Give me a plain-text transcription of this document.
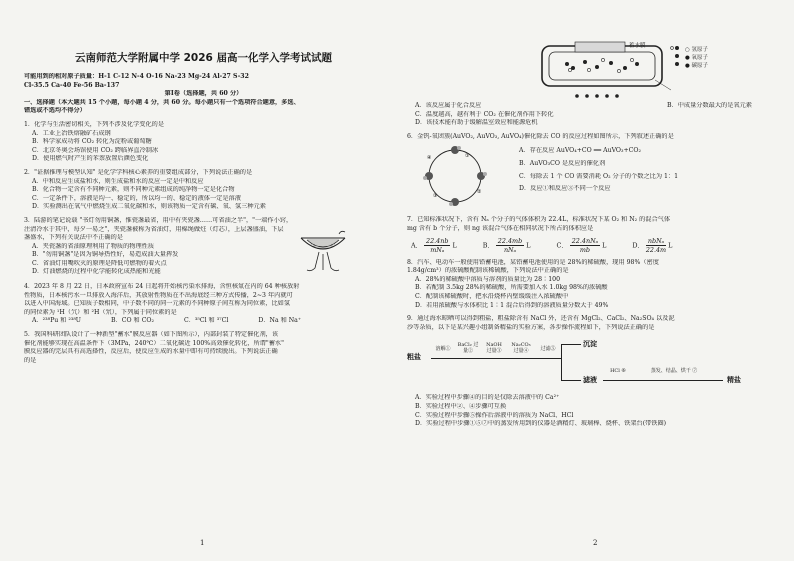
云南师范大学附属中学 2026 届高一化学入学考试试题
可能用到的相对原子质量：H-1 C-12 N-4 O-16 Na-23 Mg-24 Al-27 S-32
Cl-35.5 Ca-40 Fe-56 Ba-137
第Ⅰ卷（选择题，共 60 分）
一、选择题（本大题共 15 个小题，每小题 4 分，共 60 分。每小题只有一个选项符合题意，多选、
错选或不选均不得分）
1．化学与生活密切相关，下列不涉及化学变化的是
A．工业上冶铁熔融矿石成钢
B．科学家成功将 CO₂ 转化为淀粉或葡萄糖
C．北京冬奥会场馆使用 CO₂ 跨临界直冷制冰
D．使用燃气时产生的苯萘放置后颜色变化
2．"证据推理与模型认知" 是化学学科核心素养的重要组成部分，下列说法正确的是
A．中和反应生成盐和水，则生成盐和水的反应一定是中和反应
B．化合物一定含有不同种元素，则不同种元素组成的纯净物一定是化合物
C．一定条件下，溶液是均一、稳定的，所以均一的、稳定的液体一定是溶液
D．实验测出在氧气中燃烧生成二氧化碳和水，则该物质一定含有碳、氧、氢三种元素
3．陆游的笔记说载 "书灯勿用铜盏，惟瓷盏最省，用中有夹瓷盏……可省油之半"，"一端作小窍，
注清冷水于其中，每夕一易之"，夹瓷盏被称为省油灯，用棉绳做炷（灯芯），上层盏盛油，下层
盏盛水，下列有关说法中不正确的是
A．夹瓷盏的省油原理利用了物质的物理性质
B．"勿用铜盏"是因为铜导热性好，易造成油大量挥发
C．省油灯用嘴吹灭的原理是降低可燃物的着火点
D．灯油燃烧的过程中化学能转化成热能和光能
4．2023 年 8 月 22 日，日本政府宣布 24 日起将开始核污染水排海，含恒核氚在内的 64 种核放射
性物质，日本核污水一旦排放入海洋后，其放射性物质在不出海底经三种方式传播，2~3 年内就可
以进入中国海域。已知质子数相同，中子数不同的同一元素的不同种原子间互称为同位素，比如氢
的同位素为 ¹H（氕）和 ²H（氘），下列属于同位素的是
A．²³⁸Pu 和 ²³⁸U	B．CO 和 CO₂	C．³⁵Cl 和 ³⁷Cl	D．Na 和 Na⁺
5．我国科研团队设计了一种新型"蓄水"膜反应器（如下图所示），内部封装了特定催化剂，该
催化剂能够实现在高温条件下（3MPa，240℃）二氧化碳近 100%高效催化转化，所谓"蓄水"
膜反应器的完层具有高选择性，反应后，使反应生成的水量中即有可持续脱出。下列说法正确
的是
1
蓄水膜
○ 氢原子
● 氧原子
● 碳原子
A．该反应属于化合反应	B．中成量分数最大的是氧元素
C．温度越高，越有利于 CO₂ 在催化剂作用下转化
D．该技术能有助于缓解温室效应和能源危机
6．金钒-氧团簇(AuVO₂, AuVO₃, AuVO₄)催化除去 CO 的反应过程如图所示，下列叙述正确的是
①
②
③
④
A．存在反应 AuVO₄+CO ══ AuVO₃+CO₂
B．AuVO₃CO 是反应的催化剂
C．每除去 1 个 CO 需要消耗 O₂ 分子的个数之比为 1：1
D．反应①和反应③不同一个反应
7．已知标准状况下，含有 Nₐ 个分子的气体体积为 22.4L，标准状况下某 O₂ 和 N₂ 的混合气体
mg 含有 b 个分子，则 ng 该混合气体在相同状况下所占的体积应是
A． $\frac{22.4nb}{\text{mNₐ}}$ L	B． $\frac{22.4mb}{\text{nNₐ}}$ L	C． $\frac{\text{22.4nNₐ}}{mb}$ L	D． $\frac{\text{nbNₐ}}{22.4m}$ L
8．汽车、电动车一般使用铅蓄电池，某铅蓄电池使用的是 28%的稀硫酸，现用 98%（密度
1.84g/cm³）的浓硫酸配制该稀硫酸，下列说法中正确的是
A．28%的稀硫酸中溶质与溶剂的质量比为 28∶100
B．若配制 3.5kg 28%的稀硫酸，所需要加入水 1.0kg 98%的浓硫酸
C．配制该稀硫酸时，把水沿烧杯内壁缓缓注入浓硫酸中
D．若用浓硫酸与水体积比 1∶1 混合后得到的溶液质量分数大于 49%
9．通过海水晾晒可以得到粗盐，粗盐除含有 NaCl 外，还含有 MgCl₂、CaCl₂、Na₂SO₄ 以及泥
沙等杂质，以下是某兴趣小组制备精盐的实验方案，各步操作流程如下，下列说法正确的是
粗盐
溶解①
BaCl₂ 过量②
NaOH 过量③
Na₂CO₃ 过量④	过滤⑤
沉淀
滤液
HCl ⑥	蒸发、结晶、烘干 ⑦
精盐
A．实验过程中步骤④的目的是仅除去溶液中的 Ca²⁺
B．实验过程中②、④步骤可互换
C．实验过程中步骤⑤操作后溶液中的溶质为 NaCl、HCl
D．实验过程中步骤①⑤⑦中的蒸发所用到的仪器是酒精灯、玻璃棒、烧杯、铁架台(带铁圈)
2
